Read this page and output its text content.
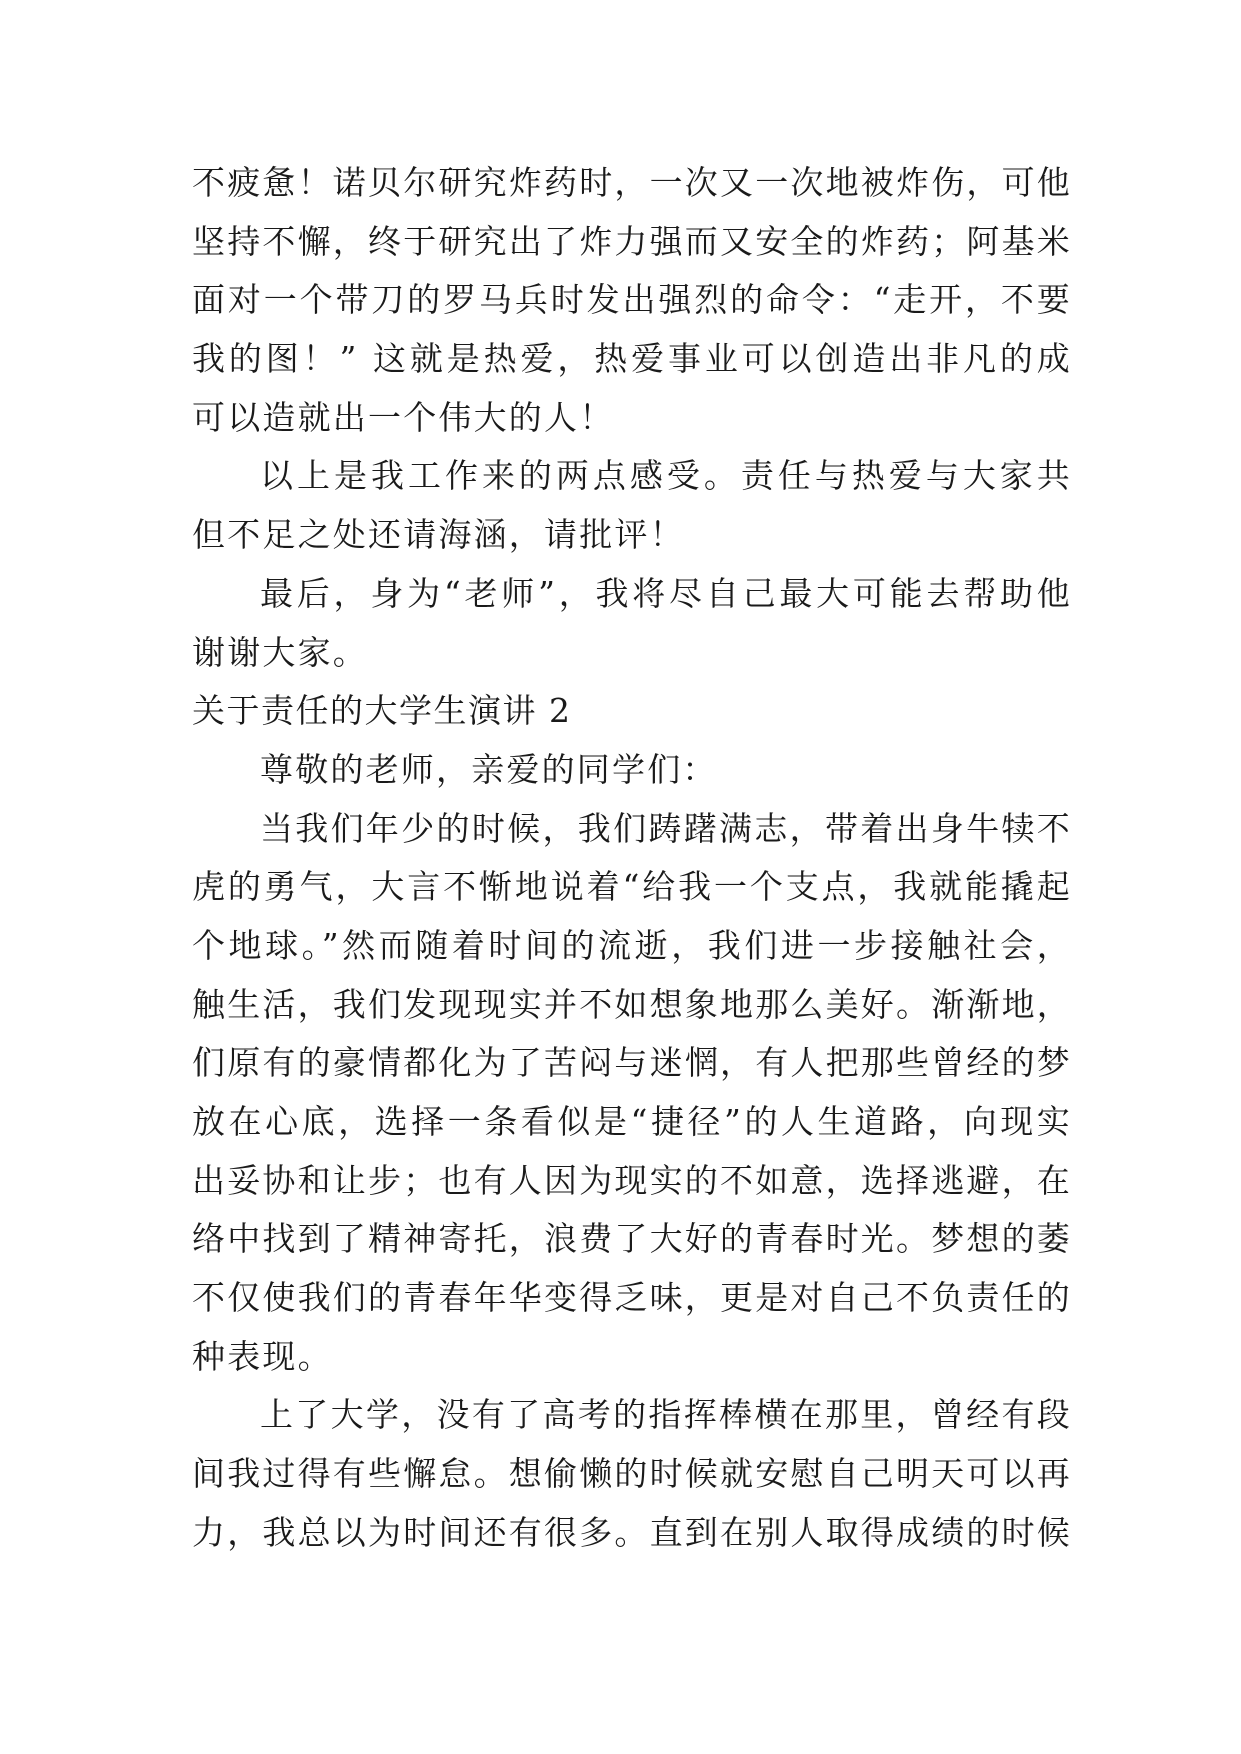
不疲惫！诺贝尔研究炸药时，一次又一次地被炸伤，可他
坚持不懈，终于研究出了炸力强而又安全的炸药；阿基米
面对一个带刀的罗马兵时发出强烈的命令：“走开，不要
我的图！” 这就是热爱，热爱事业可以创造出非凡的成
可以造就出一个伟大的人！
以上是我工作来的两点感受。责任与热爱与大家共
但不足之处还请海涵，请批评！
最后，身为“老师”，我将尽自己最大可能去帮助他
谢谢大家。
关于责任的大学生演讲 2
尊敬的老师，亲爱的同学们：
当我们年少的时候，我们踌躇满志，带着出身牛犊不
虎的勇气，大言不惭地说着“给我一个支点，我就能撬起
个地球。”然而随着时间的流逝，我们进一步接触社会，
触生活，我们发现现实并不如想象地那么美好。渐渐地，
们原有的豪情都化为了苦闷与迷惘，有人把那些曾经的梦
放在心底，选择一条看似是“捷径”的人生道路，向现实
出妥协和让步；也有人因为现实的不如意，选择逃避，在
络中找到了精神寄托，浪费了大好的青春时光。梦想的萎
不仅使我们的青春年华变得乏味，更是对自己不负责任的
种表现。
上了大学，没有了高考的指挥棒横在那里，曾经有段
间我过得有些懈怠。想偷懒的时候就安慰自己明天可以再
力，我总以为时间还有很多。直到在别人取得成绩的时候
